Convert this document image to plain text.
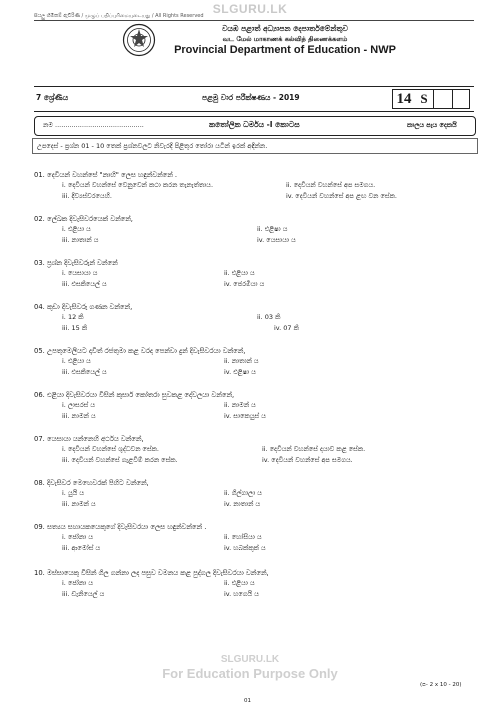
SLGURU.LK
සියලු හිමිකම් ඇවිරිණි / முழுப் பதிப்புரிமையுடையது / All Rights Reserved
වයඹ පළාත් අධ්‍යාපන දෙපාර්තමේන්තුව
வட மேல் மாகாணக் கல்வித் திணைக்களம்
Provincial Department of Education - NWP
7 ශ්‍රේණිය	පළමු වාර පරීක්ෂණය - 2019	14 S
නම ...........................................	කතෝලික ධර්මය -I කොටස	කාලය පැය දෙකයි
උපදෙස් - ප්‍රශ්න 01 - 10 තෙක් ප්‍රශ්නවලට නිවැරදි පිළිතුර තෝරා යටින් ඉරක් අඳින්න.
01. දෙවියන් වහන්සේ "නාහි" ලෙස හඳුන්වන්නේ .
i. දෙවියන් වහන්සේ වෙනුවෙන් කථා කරන තැනැත්තාය.	ii. දෙවියන් වහන්සේ අප සමගය.
iii. දිව්‍යස්වරයෙහි.	iv. දෙවියන් වහන්සේ අප ළඟ වන සේක.
02. ලේඛක දිවැසිවරයෙක් වන්නේ,
i. එළියා ය	ii. එළිෂා ය
iii. නාතාන් ය	iv. යෙසායා ය
03. ප්‍රශ්න දිවැසිවරුන් වන්නේ
i. යෙසායා ය	ii. එළියා ය
iii. එසකියෙල් ය	iv. ජෙරමියා ය
04. කුඩා දිවැසිවරු ගණන වන්නේ,
i. 12 කි	ii. 03 කි
iii. 15 කි	iv. 07 කි
05. උපතුමෙලියට දාවිත් රජතුමා කළ වරද පෙන්වා දුන් දිවැසිවරයා වන්නේ,
i. එළියා ය	ii. නාතාන් ය
iii. එසකියෙල් ය	iv. එළිෂා ය
06. එළියා දිවැසිවරයා විසින් කුසාර් කෝතරා සුවකළ දේවලයා වන්නේ,
i. ලාසරස් ය	ii. නාමන් ය
iii. නාමන් ය	iv. සාකෙයුස් ය
07. යෙසායා යන්නෙහි අර්ථය වන්නේ,
i. දෙවියන් වහන්සේ ශුද්ධවන සේක.	ii. දෙවියන් වහන්සේ දයාව කළ සේක.
iii. දෙවියන් වහන්සේ ගැළවීම් කරන සේක.	iv. දෙවියන් වහන්සේ අප සමගය.
08. දිවැසිවර මෙහෙවරක් පිහිට වන්නේ,
i. යුයි ය	ii. ගිල්ගාලා ය
iii. නාමන් ය	iv. නාතාන් ය
09. සත්‍යය සහායකයෙකුගේ දිවැසිවරයා ලෙස හඳුන්වන්නේ .
i. ජෝනා ය	ii. හෝසියා ය
iii. ආමෝස් ය	iv. හබක්කුක් ය
10. මස්සායෙකු විසින් ගිල ගන්නා ලද පසුව වමනය කළ පුද්ගල දිවැසිවරයා වන්නේ,
i. ජෝනා ය	ii. එළියා ය
iii. ඩැනියෙල් ය	iv. හගෙයි ය
SLGURU.LK
For Education Purpose Only
(ප- 2 x 10 - 20)
01
